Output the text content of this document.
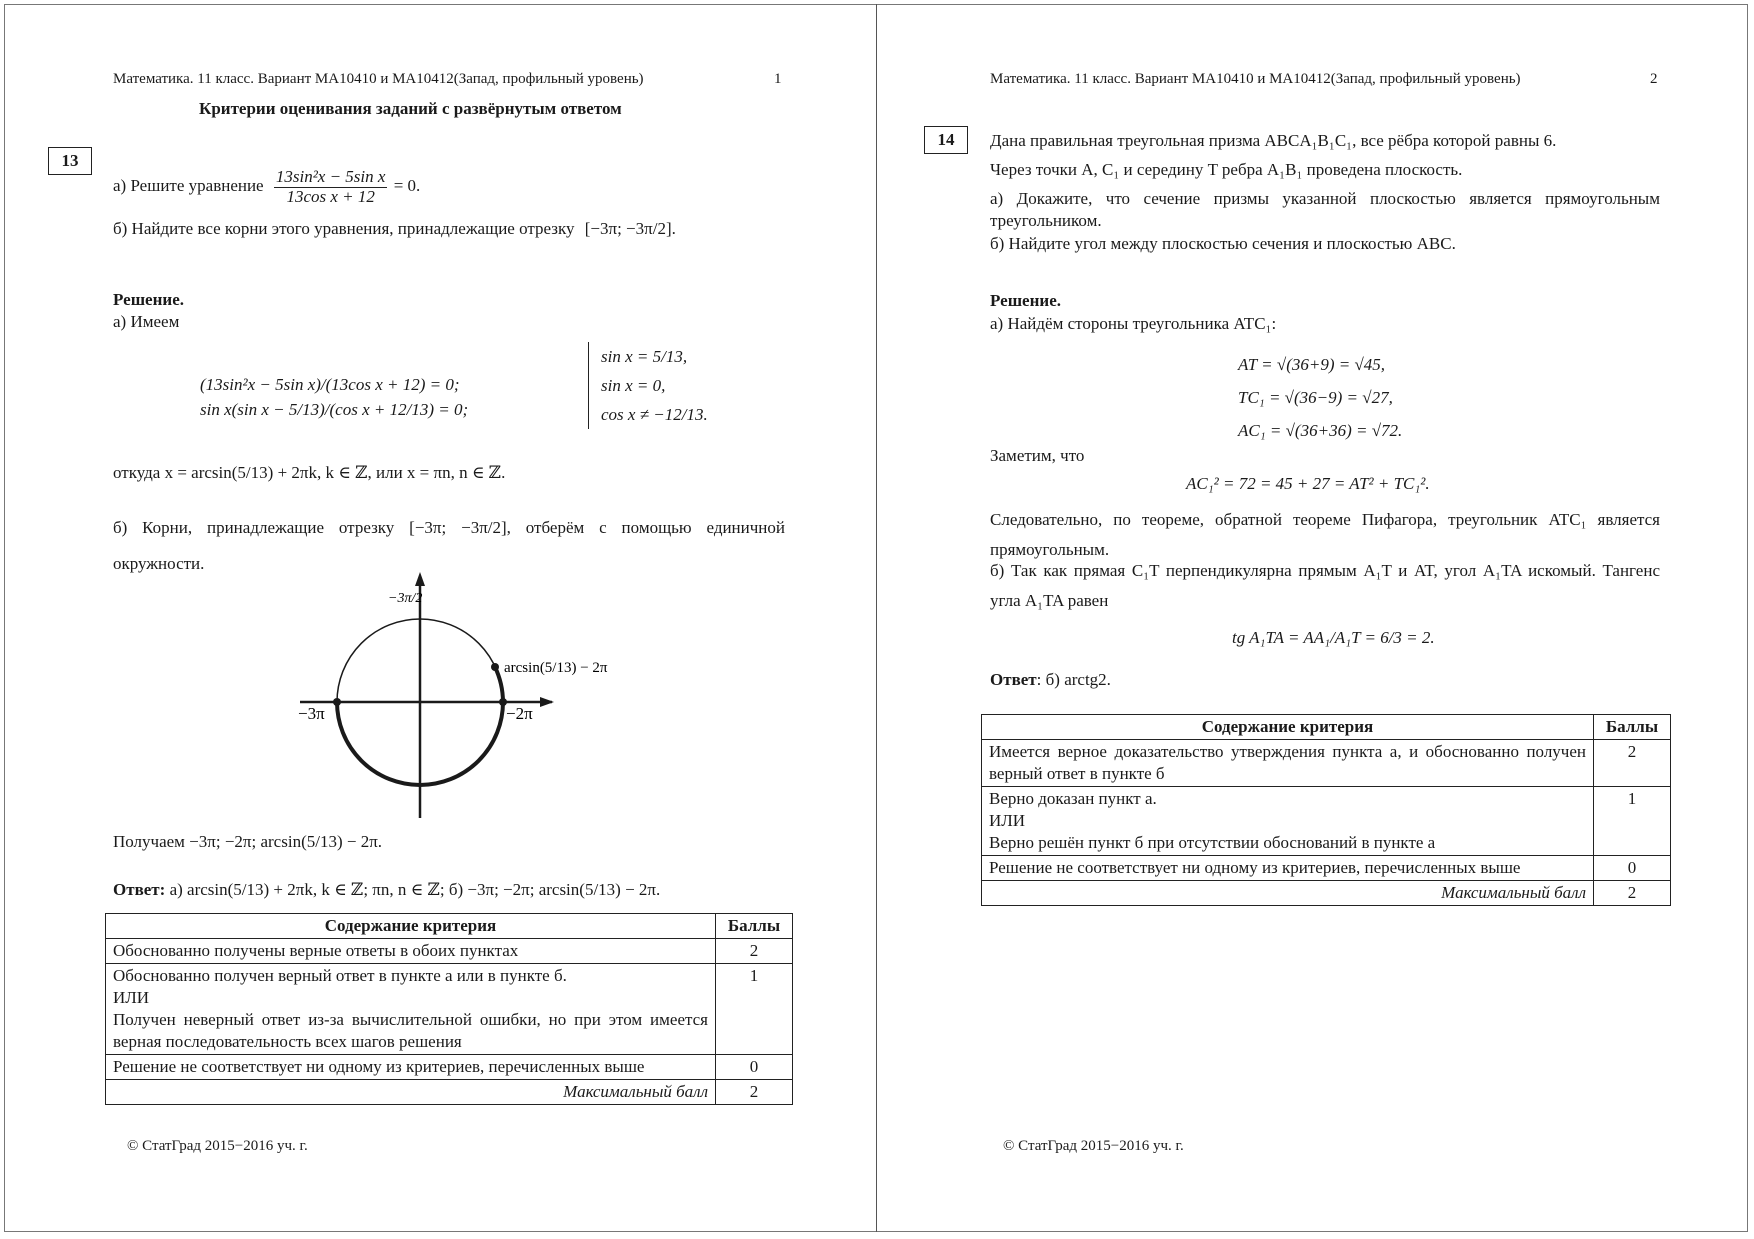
Математика. 11 класс. Вариант МА10410 и МА10412(Запад, профильный уровень)	1
Критерии оценивания заданий с развёрнутым ответом
13
а) Решите уравнение $\frac{\text{13sin²x − 5sin x}}{\text{13cos x + 12}} = 0$.
б) Найдите все корни этого уравнения, принадлежащие отрезку [−3π; −3π/2].
Решение.
а) Имеем
(13sin²x − 5sin x)/(13cos x + 12) = 0;
sin x(sin x − 5/13)/(cos x + 12/13) = 0;
sin x = 5/13,
sin x = 0,
cos x ≠ −12/13.
откуда x = arcsin(5/13) + 2πk, k ∈ ℤ, или x = πn, n ∈ ℤ.
б) Корни, принадлежащие отрезку [−3π; −3π/2], отберём с помощью единичной окружности.
−3π/2
−3π	−2π
arcsin(5/13) − 2π
Получаем −3π; −2π; arcsin(5/13) − 2π.
Ответ: а) arcsin(5/13) + 2πk, k ∈ ℤ; πn, n ∈ ℤ; б) −3π; −2π; arcsin(5/13) − 2π.
Содержание критерия	Баллы
Обоснованно получены верные ответы в обоих пунктах	2
Обоснованно получен верный ответ в пункте а или в пункте б.
ИЛИ
Получен неверный ответ из-за вычислительной ошибки, но при этом имеется верная последовательность всех шагов решения	1
Решение не соответствует ни одному из критериев, перечисленных выше	0
Максимальный балл	2
© СтатГрад 2015−2016 уч. г.
Математика. 11 класс. Вариант МА10410 и МА10412(Запад, профильный уровень)	2
14	Дана правильная треугольная призма ABCA₁B₁C₁, все рёбра которой равны 6.
Через точки A, C₁ и середину T ребра A₁B₁ проведена плоскость.
а) Докажите, что сечение призмы указанной плоскостью является прямоугольным треугольником.
б) Найдите угол между плоскостью сечения и плоскостью ABC.
Решение.
а) Найдём стороны треугольника ATC₁:
AT = √(36+9) = √45,
TC₁ = √(36−9) = √27,
AC₁ = √(36+36) = √72.
Заметим, что
AC₁² = 72 = 45 + 27 = AT² + TC₁².
Следовательно, по теореме, обратной теореме Пифагора, треугольник ATC₁ является прямоугольным.
б) Так как прямая C₁T перпендикулярна прямым A₁T и AT, угол A₁TA искомый. Тангенс угла A₁TA равен
tg A₁TA = AA₁/A₁T = 6/3 = 2.
Ответ: б) arctg2.
Содержание критерия	Баллы
Имеется верное доказательство утверждения пункта а, и обоснованно получен верный ответ в пункте б	2
Верно доказан пункт а.
ИЛИ
Верно решён пункт б при отсутствии обоснований в пункте а	1
Решение не соответствует ни одному из критериев, перечисленных выше	0
Максимальный балл	2
© СтатГрад 2015−2016 уч. г.
